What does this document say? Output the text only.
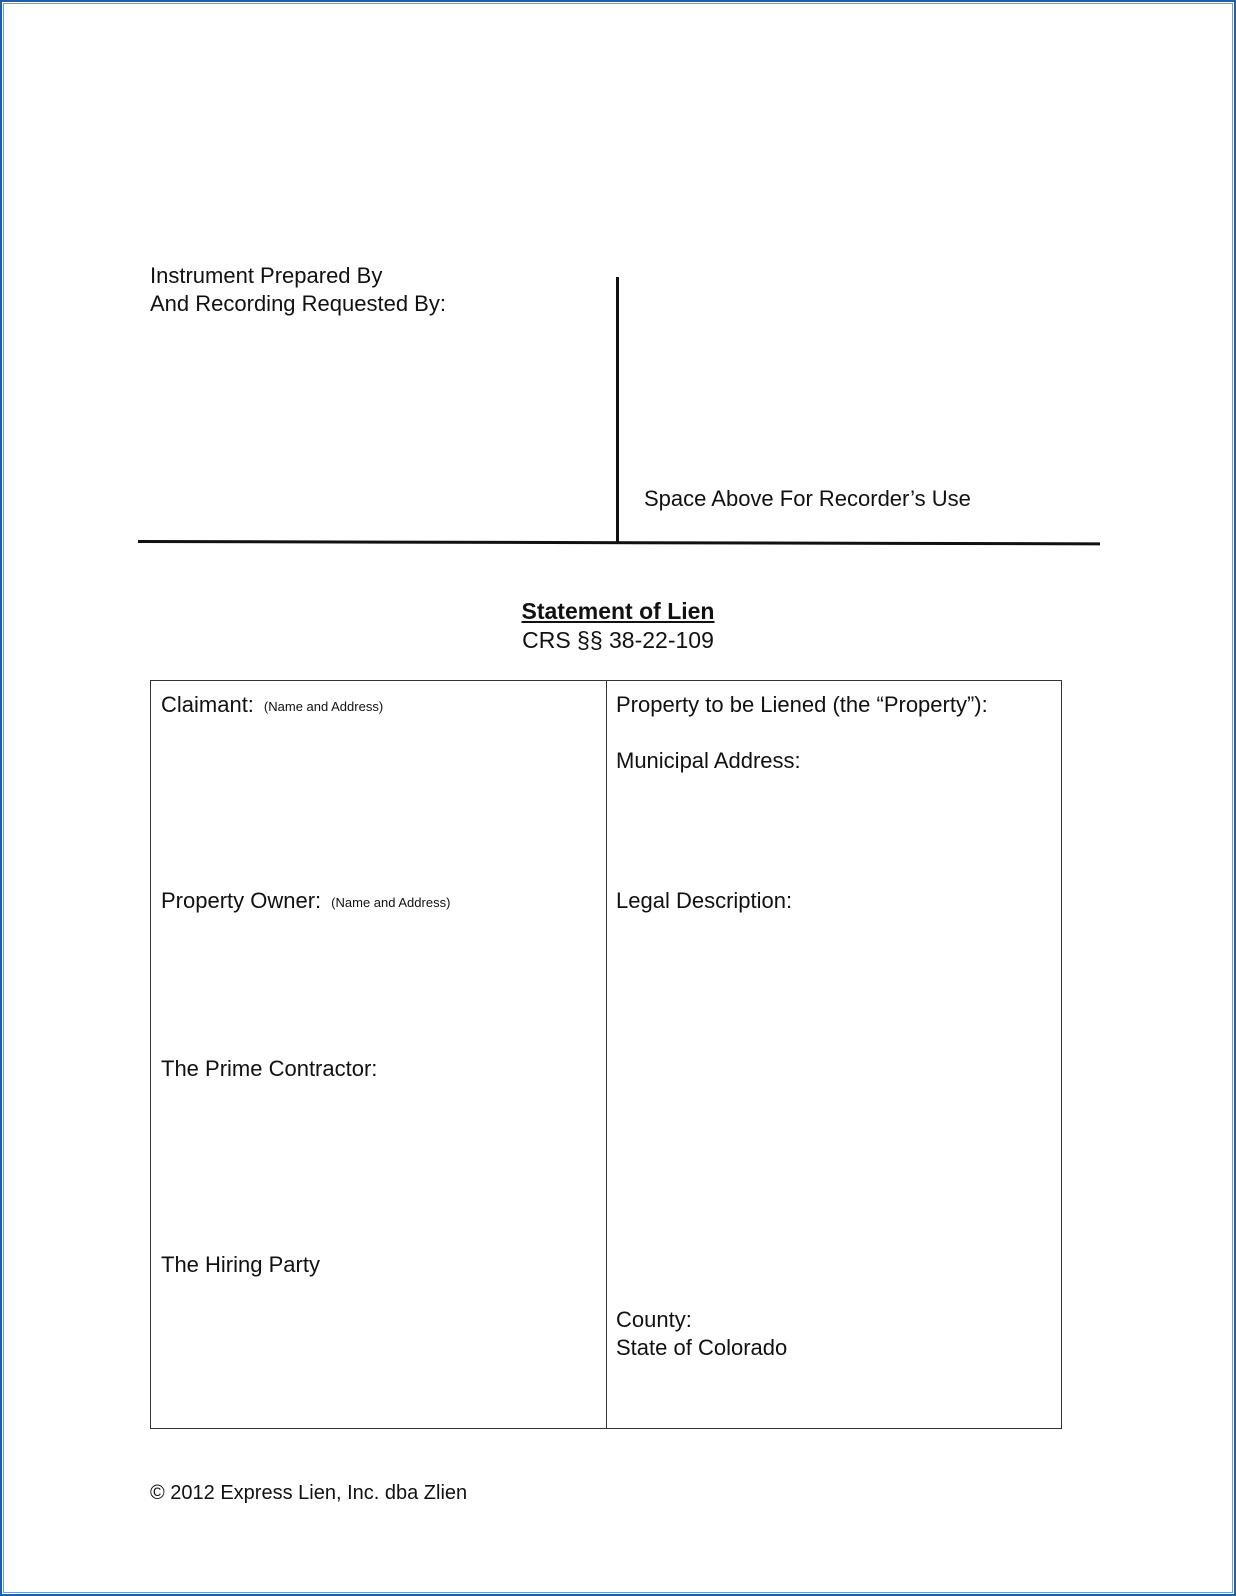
Instrument Prepared By
And Recording Requested By:
Space Above For Recorder’s Use
Statement of Lien
CRS §§ 38-22-109
Claimant: (Name and Address)
Property Owner: (Name and Address)
The Prime Contractor:
The Hiring Party
Property to be Liened (the “Property”):
Municipal Address:
Legal Description:
County:
State of Colorado
© 2012 Express Lien, Inc. dba Zlien
